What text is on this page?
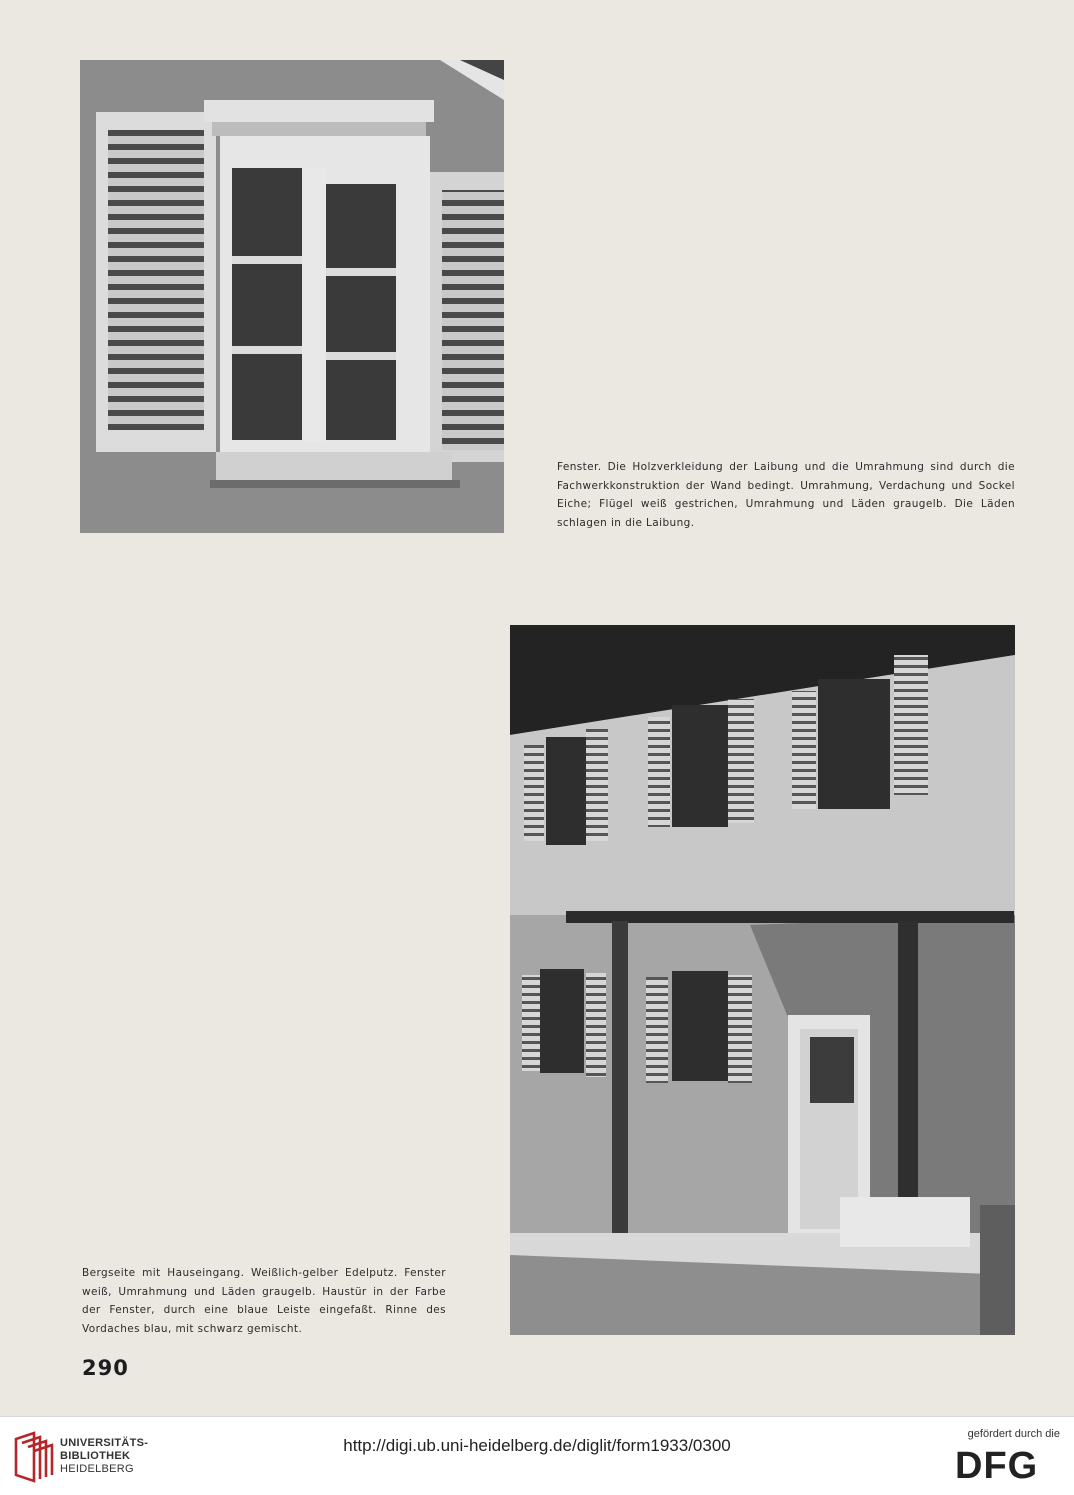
Fenster. Die Holzverkleidung der Laibung und die Umrahmung sind durch die Fachwerkkonstruktion der Wand bedingt. Umrahmung, Verdachung und Sockel Eiche; Flügel weiß gestrichen, Umrahmung und Läden graugelb. Die Läden schlagen in die Laibung.

Bergseite mit Hauseingang. Weißlich-gelber Edelputz. Fenster weiß, Umrahmung und Läden graugelb. Haustür in der Farbe der Fenster, durch eine blaue Leiste eingefaßt. Rinne des Vordaches blau, mit schwarz gemischt.

290
UNIVERSITÄTS-
BIBLIOTHEK
HEIDELBERG
http://digi.ub.uni-heidelberg.de/diglit/form1933/0300
gefördert durch die
DFG
